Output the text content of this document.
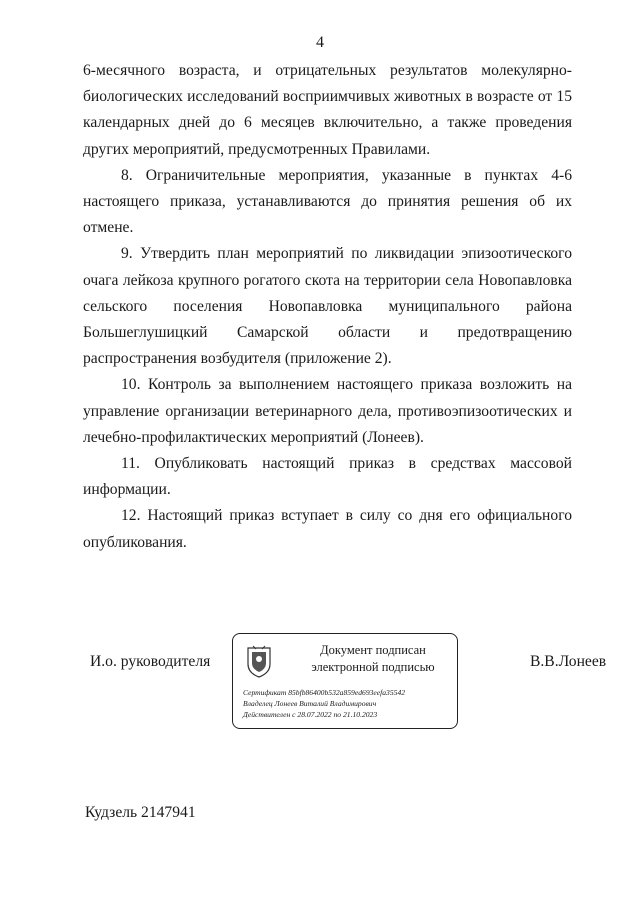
4

6-месячного возраста, и отрицательных результатов молекулярно-биологических исследований восприимчивых животных в возрасте от 15 календарных дней до 6 месяцев включительно, а также проведения других мероприятий, предусмотренных Правилами.

8. Ограничительные мероприятия, указанные в пунктах 4-6 настоящего приказа, устанавливаются до принятия решения об их отмене.

9. Утвердить план мероприятий по ликвидации эпизоотического очага лейкоза крупного рогатого скота на территории села Новопавловка сельского поселения Новопавловка муниципального района Большеглушицкий Самарской области и предотвращению распространения возбудителя (приложение 2).

10. Контроль за выполнением настоящего приказа возложить на управление организации ветеринарного дела, противоэпизоотических и лечебно-профилактических мероприятий (Лонеев).

11. Опубликовать настоящий приказ в средствах массовой информации.

12. Настоящий приказ вступает в силу со дня его официального опубликования.

И.о. руководителя
Документ подписан
электронной подписью
Сертификат 85bfb86400b532a859ed693eefa35542
Владелец Лонеев Виталий Владимирович
Действителен с 28.07.2022 по 21.10.2023
В.В.Лонеев
Кудзель 2147941
